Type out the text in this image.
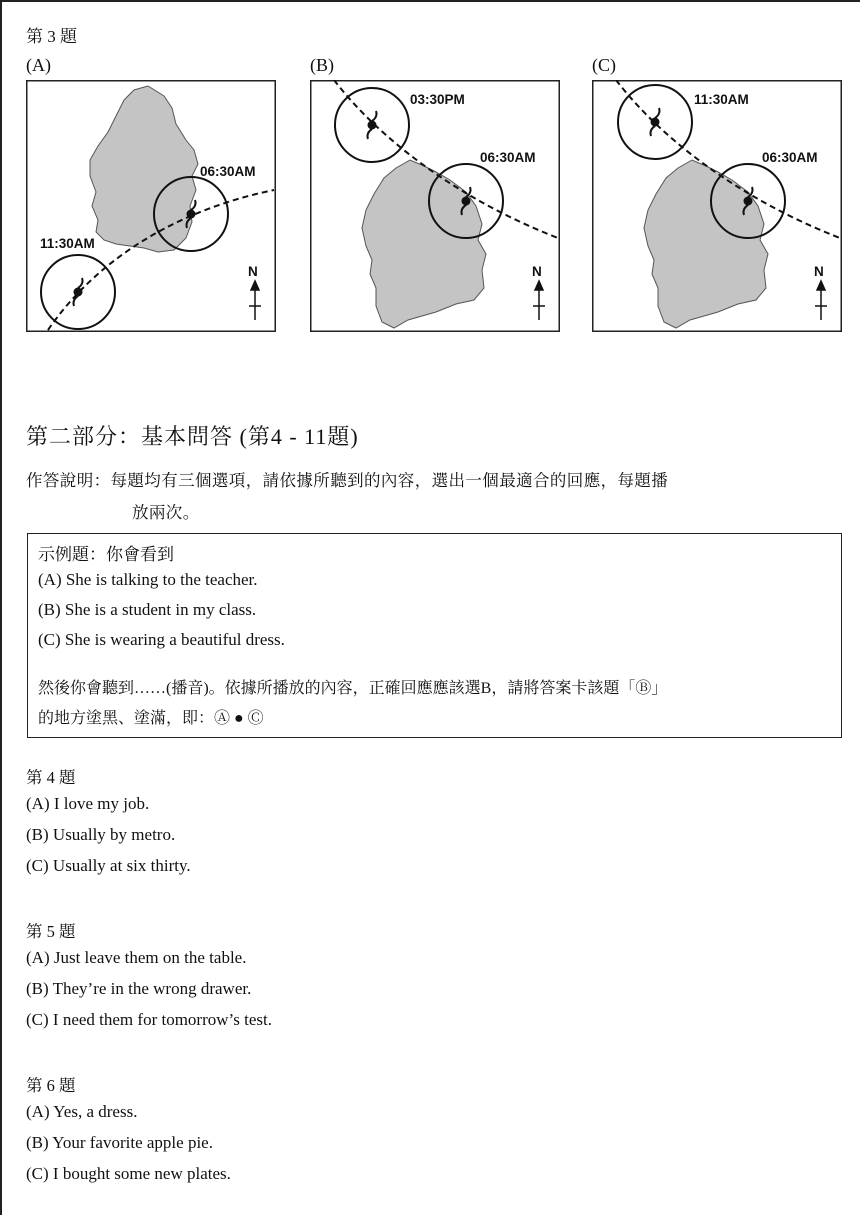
第 3 題
(A)	(B)	(C)
06:30AM
11:30AM
N
03:30PM
06:30AM
N
11:30AM
06:30AM
N
第二部分：基本問答 (第4 - 11題)
作答說明：每題均有三個選項，請依據所聽到的內容，選出一個最適合的回應，每題播
放兩次。
示例題：你會看到
(A) She is talking to the teacher.
(B) She is a student in my class.
(C) She is wearing a beautiful dress.
然後你會聽到……(播音)。依據所播放的內容，正確回應應該選B，請將答案卡該題「Ⓑ」
的地方塗黑、塗滿，即：Ⓐ ● Ⓒ
第 4 題
(A) I love my job.
(B) Usually by metro.
(C) Usually at six thirty.
第 5 題
(A) Just leave them on the table.
(B) They’re in the wrong drawer.
(C) I need them for tomorrow’s test.
第 6 題
(A) Yes, a dress.
(B) Your favorite apple pie.
(C) I bought some new plates.
